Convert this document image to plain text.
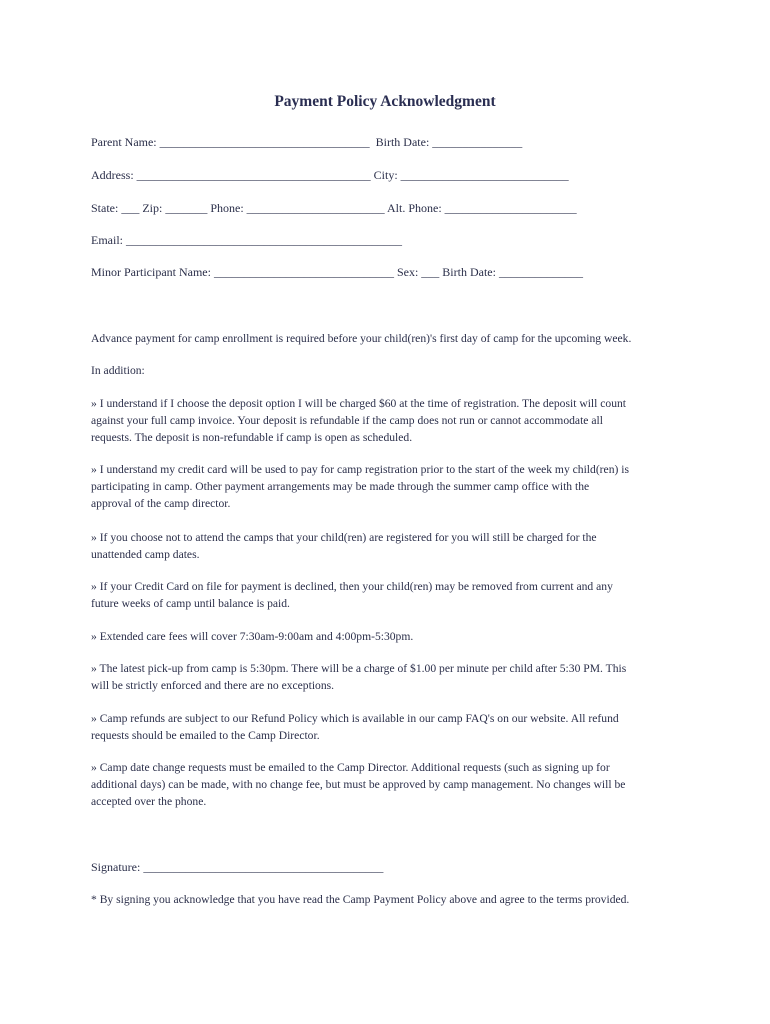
Payment Policy Acknowledgment
Parent Name: ___________________________________  Birth Date: _______________
Address: _______________________________________ City: ____________________________
State: ___ Zip: _______ Phone: _______________________ Alt. Phone: ______________________
Email: ______________________________________________
Minor Participant Name: ______________________________ Sex: ___ Birth Date: ______________
Advance payment for camp enrollment is required before your child(ren)'s first day of camp for the upcoming week.
In addition:
» I understand if I choose the deposit option I will be charged $60 at the time of registration. The deposit will count
against your full camp invoice. Your deposit is refundable if the camp does not run or cannot accommodate all
requests. The deposit is non-refundable if camp is open as scheduled.
» I understand my credit card will be used to pay for camp registration prior to the start of the week my child(ren) is
participating in camp. Other payment arrangements may be made through the summer camp office with the
approval of the camp director.
» If you choose not to attend the camps that your child(ren) are registered for you will still be charged for the
unattended camp dates.
» If your Credit Card on file for payment is declined, then your child(ren) may be removed from current and any
future weeks of camp until balance is paid.
» Extended care fees will cover 7:30am-9:00am and 4:00pm-5:30pm.
» The latest pick-up from camp is 5:30pm. There will be a charge of $1.00 per minute per child after 5:30 PM. This
will be strictly enforced and there are no exceptions.
» Camp refunds are subject to our Refund Policy which is available in our camp FAQ's on our website. All refund
requests should be emailed to the Camp Director.
» Camp date change requests must be emailed to the Camp Director. Additional requests (such as signing up for
additional days) can be made, with no change fee, but must be approved by camp management. No changes will be
accepted over the phone.
Signature: ________________________________________
* By signing you acknowledge that you have read the Camp Payment Policy above and agree to the terms provided.
